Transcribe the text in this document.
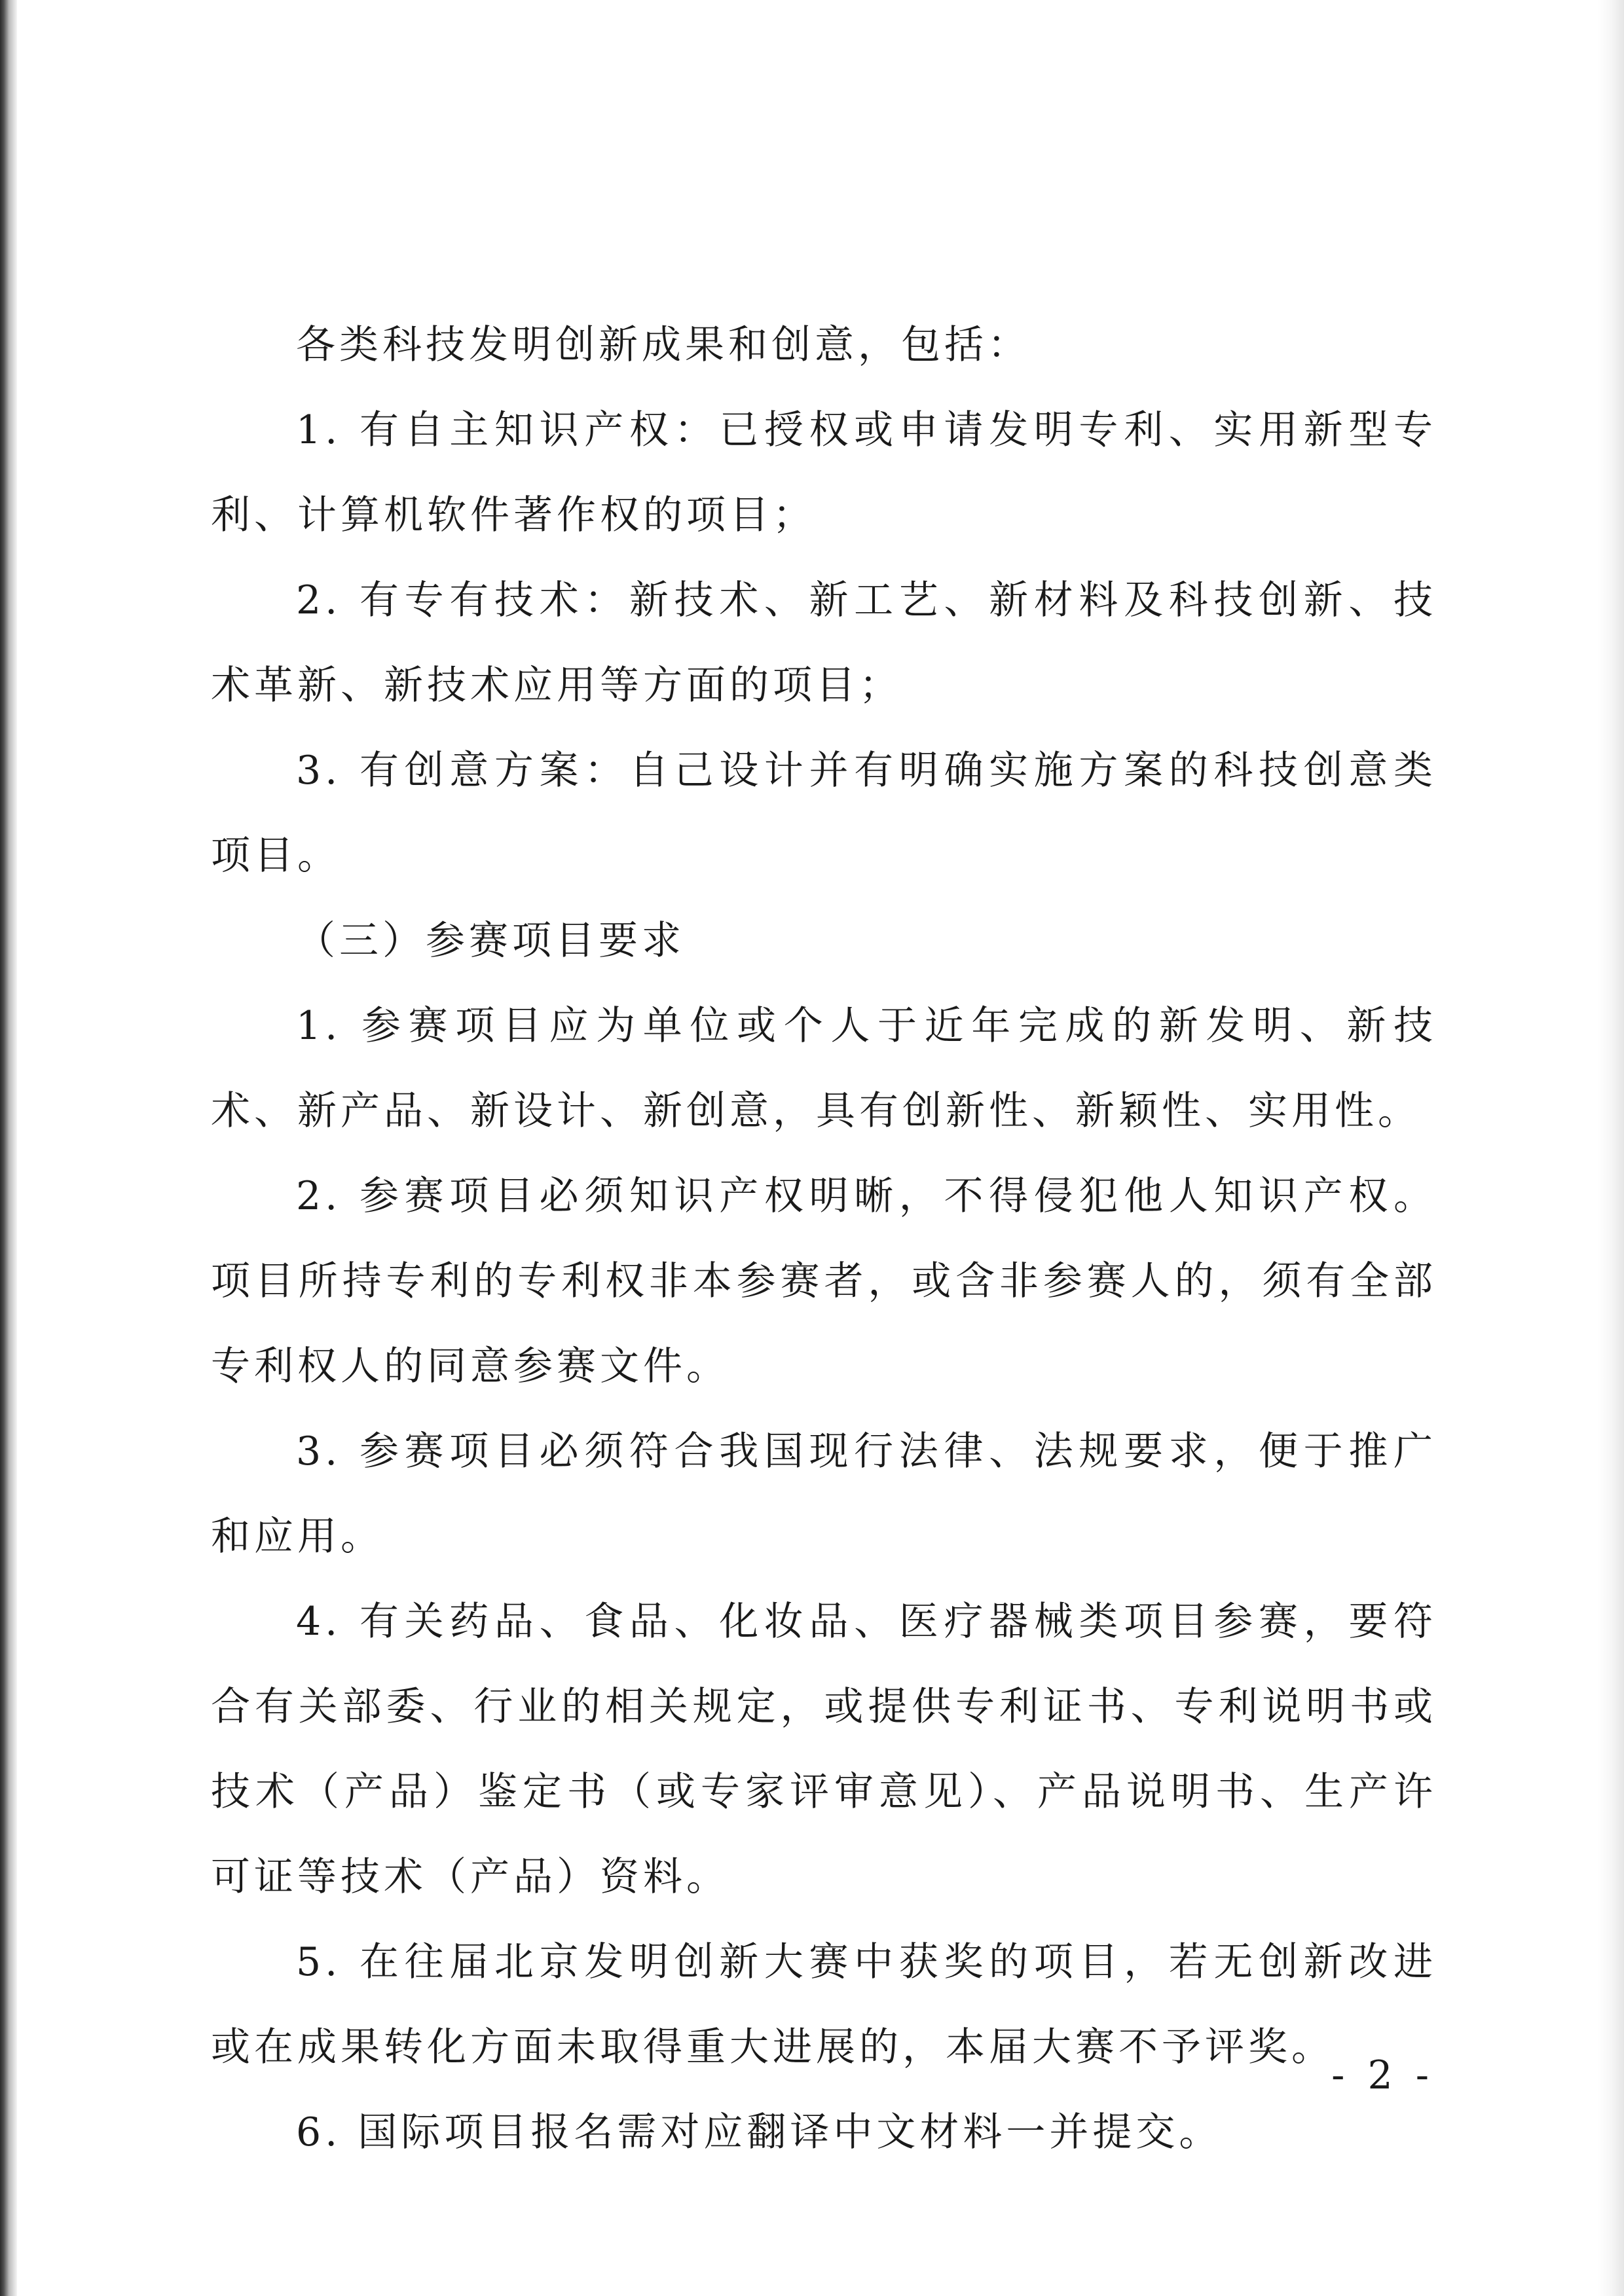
各类科技发明创新成果和创意，包括：

1. 有自主知识产权：已授权或申请发明专利、实用新型专利、计算机软件著作权的项目；

2. 有专有技术：新技术、新工艺、新材料及科技创新、技术革新、新技术应用等方面的项目；

3. 有创意方案：自己设计并有明确实施方案的科技创意类项目。

（三）参赛项目要求

1. 参赛项目应为单位或个人于近年完成的新发明、新技术、新产品、新设计、新创意，具有创新性、新颖性、实用性。

2. 参赛项目必须知识产权明晰，不得侵犯他人知识产权。项目所持专利的专利权非本参赛者，或含非参赛人的，须有全部专利权人的同意参赛文件。

3. 参赛项目必须符合我国现行法律、法规要求，便于推广和应用。

4. 有关药品、食品、化妆品、医疗器械类项目参赛，要符合有关部委、行业的相关规定，或提供专利证书、专利说明书或技术（产品）鉴定书（或专家评审意见）、产品说明书、生产许可证等技术（产品）资料。

5. 在往届北京发明创新大赛中获奖的项目，若无创新改进或在成果转化方面未取得重大进展的，本届大赛不予评奖。

6. 国际项目报名需对应翻译中文材料一并提交。

- 2 -
